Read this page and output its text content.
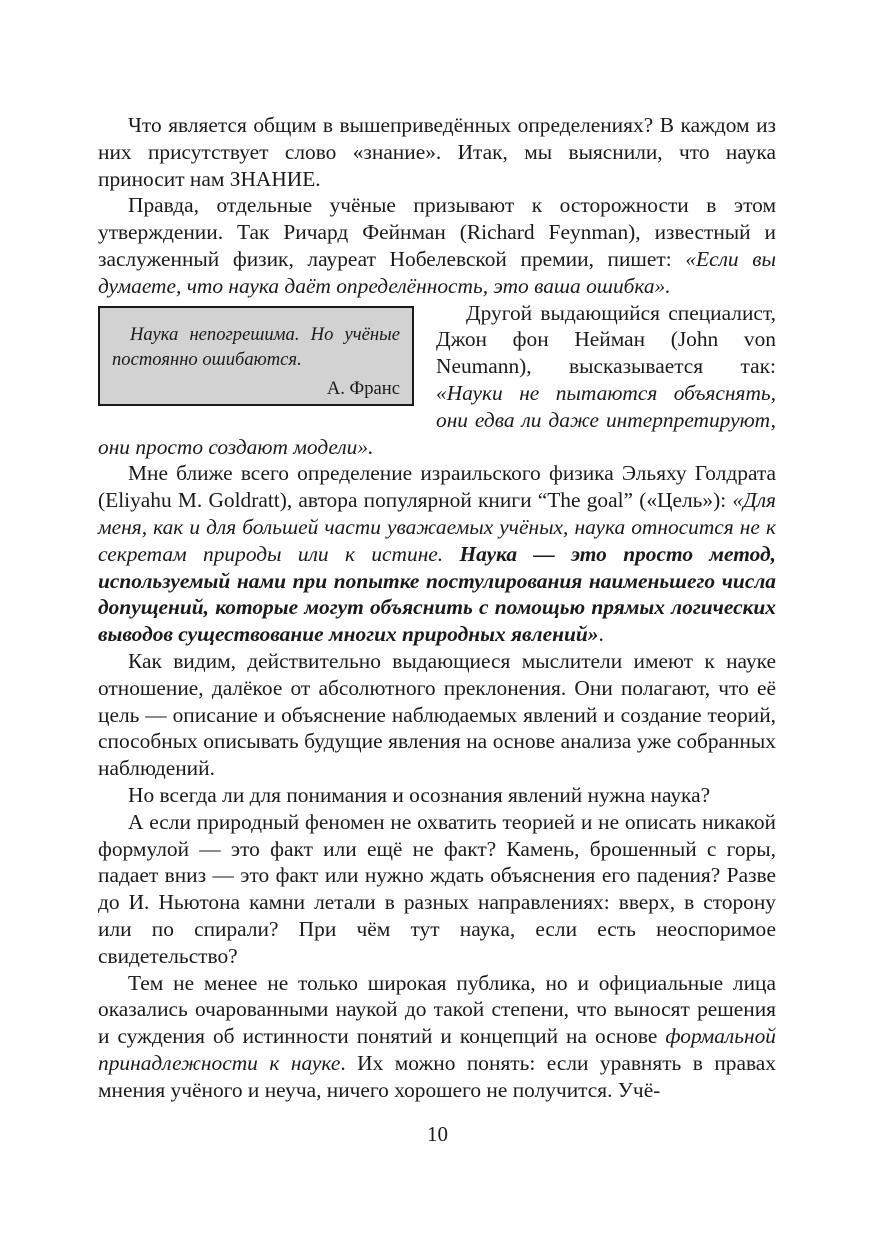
Что является общим в вышеприведённых определениях? В каждом из них присутствует слово «знание». Итак, мы выяснили, что наука приносит нам ЗНАНИЕ.

Правда, отдельные учёные призывают к осторожности в этом утверждении. Так Ричард Фейнман (Richard Feynman), известный и заслуженный физик, лауреат Нобелевской премии, пишет: «Если вы думаете, что наука даёт определённость, это ваша ошибка».

Наука непогрешима. Но учёные постоянно ошибаются.

А. Франс

Другой выдающийся специалист, Джон фон Нейман (John von Neumann), высказывается так: «Науки не пытаются объяснять, они едва ли даже интерпретируют, они просто создают модели».

Мне ближе всего определение израильского физика Эльяху Голдрата (Eliyahu M. Goldratt), автора популярной книги “The goal” («Цель»): «Для меня, как и для большей части уважаемых учёных, наука относится не к секретам природы или к истине. Наука — это просто метод, используемый нами при попытке постулирования наименьшего числа допущений, которые могут объяснить с помощью прямых логических выводов существование многих природных явлений».

Как видим, действительно выдающиеся мыслители имеют к науке отношение, далёкое от абсолютного преклонения. Они полагают, что её цель — описание и объяснение наблюдаемых явлений и создание теорий, способных описывать будущие явления на основе анализа уже собранных наблюдений.

Но всегда ли для понимания и осознания явлений нужна наука?

А если природный феномен не охватить теорией и не описать никакой формулой — это факт или ещё не факт? Камень, брошенный с горы, падает вниз — это факт или нужно ждать объяснения его падения? Разве до И. Ньютона камни летали в разных направлениях: вверх, в сторону или по спирали? При чём тут наука, если есть неоспоримое свидетельство?

Тем не менее не только широкая публика, но и официальные лица оказались очарованными наукой до такой степени, что выносят решения и суждения об истинности понятий и концепций на основе формальной принадлежности к науке. Их можно понять: если уравнять в правах мнения учёного и неуча, ничего хорошего не получится. Учё-

10
